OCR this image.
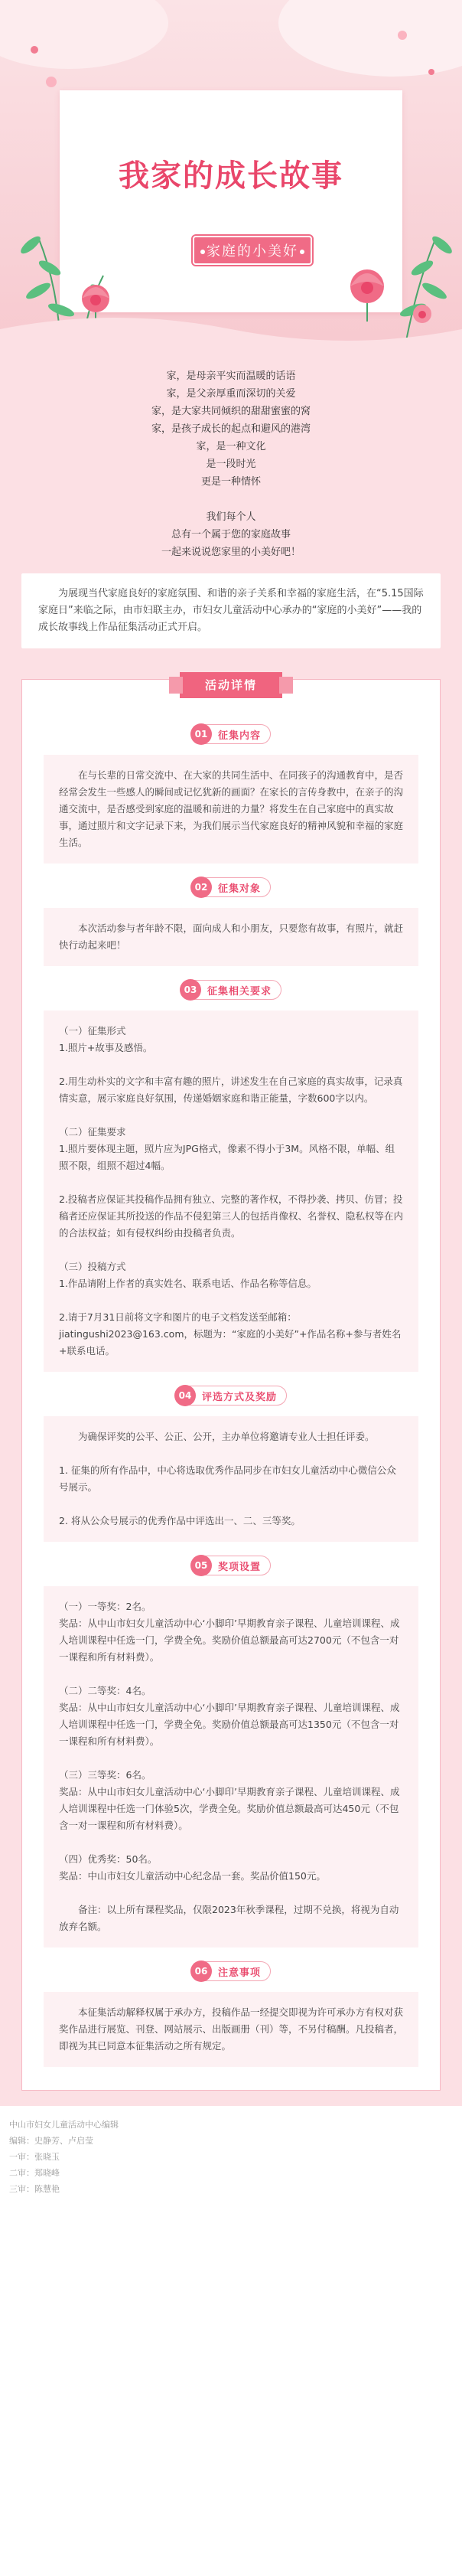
我家的成长故事
家庭的小美好

家，是母亲平实而温暖的话语

家，是父亲厚重而深切的关爱

家，是大家共同倾织的甜甜蜜蜜的窝

家，是孩子成长的起点和避风的港湾

家，是一种文化

是一段时光

更是一种情怀

我们每个人

总有一个属于您的家庭故事

一起来说说您家里的小美好吧！

为展现当代家庭良好的家庭氛围、和谐的亲子关系和幸福的家庭生活，在“5.15国际家庭日”来临之际，由市妇联主办，市妇女儿童活动中心承办的“家庭的小美好”——我的成长故事线上作品征集活动正式开启。
活动详情
01	征集内容

在与长辈的日常交流中、在大家的共同生活中、在同孩子的沟通教育中，是否经常会发生一些感人的瞬间或记忆犹新的画面？在家长的言传身教中，在亲子的沟通交流中，是否感受到家庭的温暖和前进的力量？将发生在自己家庭中的真实故事，通过照片和文字记录下来，为我们展示当代家庭良好的精神风貌和幸福的家庭生活。

02	征集对象

本次活动参与者年龄不限，面向成人和小朋友，只要您有故事，有照片，就赶快行动起来吧！

03	征集相关要求

（一）征集形式

1.照片+故事及感悟。

2.用生动朴实的文字和丰富有趣的照片，讲述发生在自己家庭的真实故事，记录真情实意，展示家庭良好氛围，传递婚姻家庭和谐正能量，字数600字以内。

（二）征集要求

1.照片要体现主题，照片应为JPG格式，像素不得小于3M。风格不限，单幅、组照不限，组照不超过4幅。

2.投稿者应保证其投稿作品拥有独立、完整的著作权，不得抄袭、拷贝、仿冒；投稿者还应保证其所投送的作品不侵犯第三人的包括肖像权、名誉权、隐私权等在内的合法权益；如有侵权纠纷由投稿者负责。

（三）投稿方式

1.作品请附上作者的真实姓名、联系电话、作品名称等信息。

2.请于7月31日前将文字和图片的电子文档发送至邮箱：jiatingushi2023@163.com，标题为：“家庭的小美好”+作品名称+参与者姓名+联系电话。

04	评选方式及奖励

为确保评奖的公平、公正、公开，主办单位将邀请专业人士担任评委。

1. 征集的所有作品中，中心将选取优秀作品同步在市妇女儿童活动中心微信公众号展示。

2. 将从公众号展示的优秀作品中评选出一、二、三等奖。

05	奖项设置

（一）一等奖：2名。

奖品：从中山市妇女儿童活动中心‘小脚印’早期教育亲子课程、儿童培训课程、成人培训课程中任选一门，学费全免。奖励价值总额最高可达2700元（不包含一对一课程和所有材料费）。

（二）二等奖：4名。

奖品：从中山市妇女儿童活动中心‘小脚印’早期教育亲子课程、儿童培训课程、成人培训课程中任选一门，学费全免。奖励价值总额最高可达1350元（不包含一对一课程和所有材料费）。

（三）三等奖：6名。

奖品：从中山市妇女儿童活动中心‘小脚印’早期教育亲子课程、儿童培训课程、成人培训课程中任选一门体验5次，学费全免。奖励价值总额最高可达450元（不包含一对一课程和所有材料费）。

（四）优秀奖：50名。

奖品：中山市妇女儿童活动中心纪念品一套。奖品价值150元。

备注：以上所有课程奖品，仅限2023年秋季课程，过期不兑换，将视为自动放弃名额。

06	注意事项

本征集活动解释权属于承办方，投稿作品一经提交即视为许可承办方有权对获奖作品进行展览、刊登、网站展示、出版画册（刊）等，不另付稿酬。凡投稿者，即视为其已同意本征集活动之所有规定。

中山市妇女儿童活动中心编辑

编辑：史静芳、卢启莹

一审：张晓玉

二审：郑晓峰

三审：陈慧艳
